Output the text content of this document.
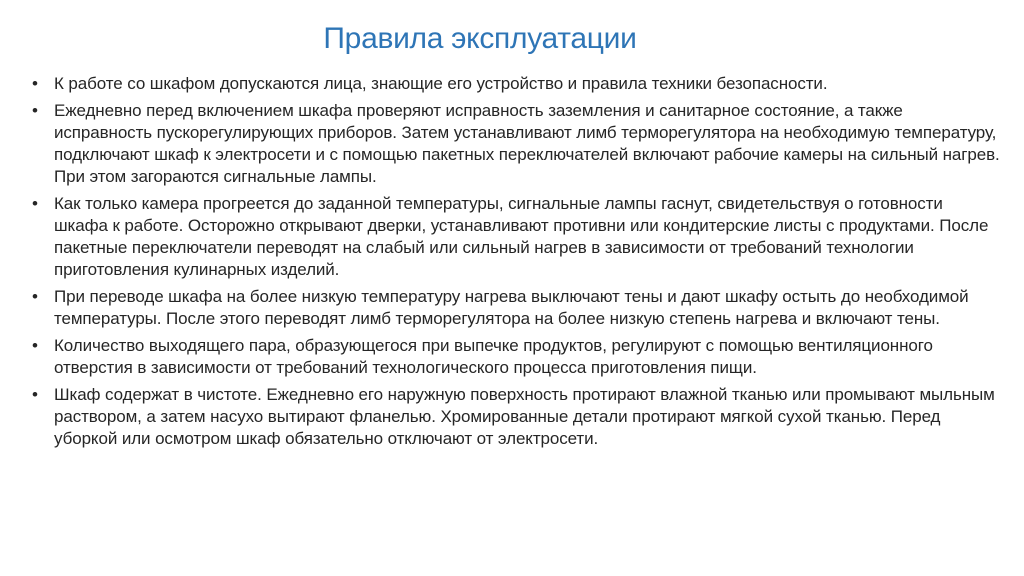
Правила эксплуатации
• К работе со шкафом допускаются лица, знающие его устройство и правила техники безопасности.
• Ежедневно перед включением шкафа проверяют исправность заземления и санитарное состояние, а также исправность пускорегулирующих приборов. Затем устанавливают лимб терморегулятора на необходимую температуру, подключают шкаф к электросети и с помощью пакетных переключателей включают рабочие камеры на сильный нагрев. При этом загораются сигнальные лампы.
• Как только камера прогреется до заданной температуры, сигнальные лампы гаснут, свидетельствуя о готовности шкафа к работе. Осторожно открывают дверки, устанавливают противни или кондитерские листы с продуктами. После пакетные переключатели переводят на слабый или сильный нагрев в зависимости от требований технологии приготовления кулинарных изделий.
• При переводе шкафа на более низкую температуру нагрева выключают тены и дают шкафу остыть до необходимой температуры. После этого переводят лимб терморегулятора на более низкую степень нагрева и включают тены.
• Количество выходящего пара, образующегося при выпечке продуктов, регулируют с помощью вентиляционного отверстия в зависимости от требований технологического процесса приготовления пищи.
• Шкаф содержат в чистоте. Ежедневно его наружную поверхность протирают влажной тканью или промывают мыльным раствором, а затем насухо вытирают фланелью. Хромированные детали протирают мягкой сухой тканью. Перед уборкой или осмотром шкаф обязательно отключают от электросети.
